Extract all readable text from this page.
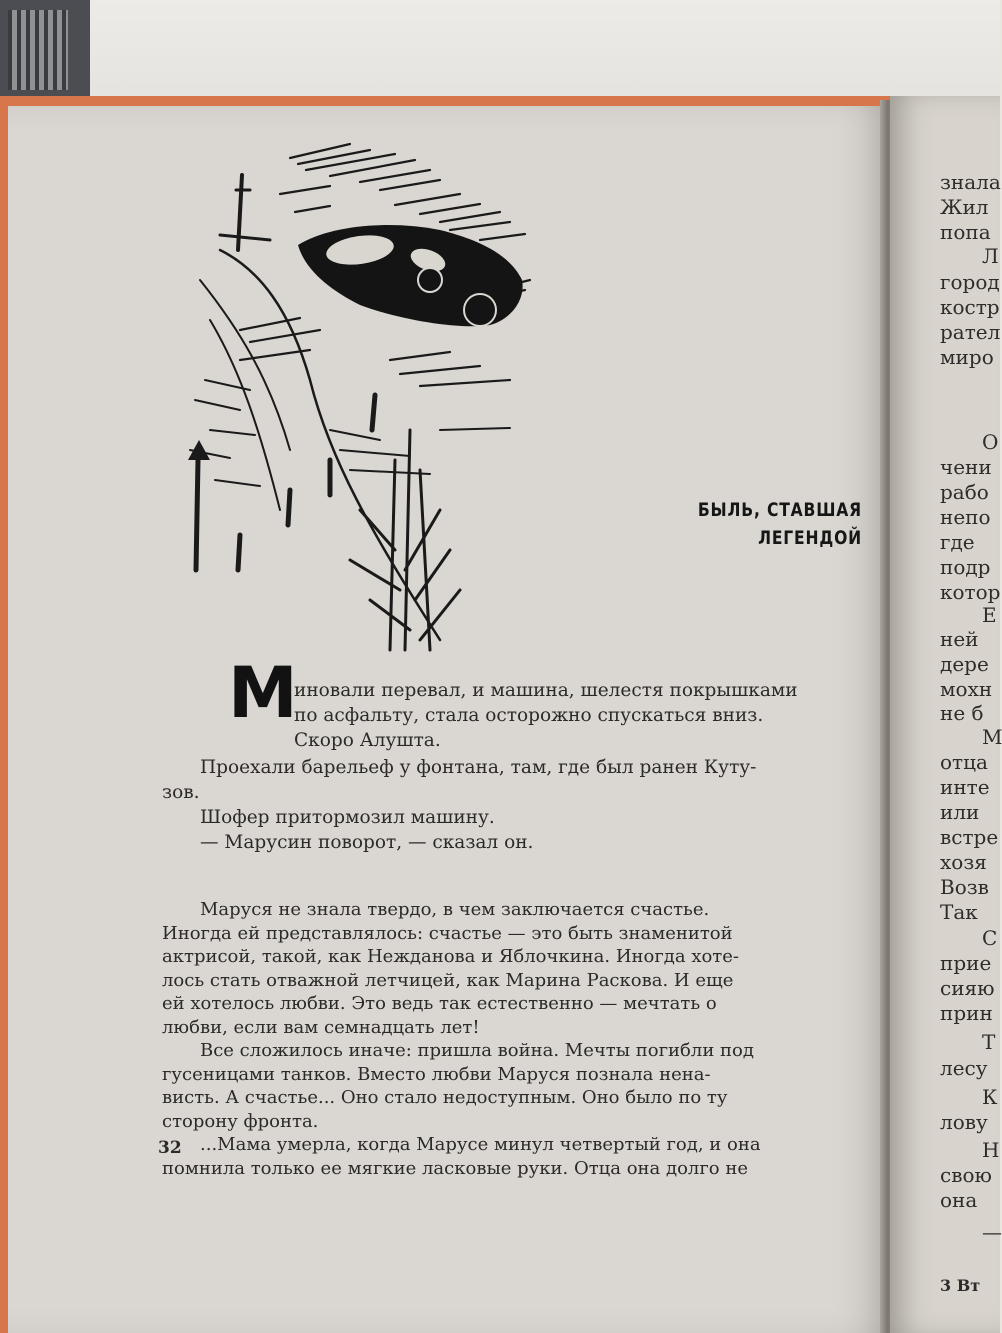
БЫЛЬ, СТАВШАЯ
ЛЕГЕНДОЙ
М
иновали перевал, и машина, шелестя покрышками
по асфальту, стала осторожно спускаться вниз.
Скоро Алушта.
Проехали барельеф у фонтана, там, где был ранен Куту-
зов.
Шофер притормозил машину.
— Марусин поворот, — сказал он.
Маруся не знала твердо, в чем заключается счастье.
Иногда ей представлялось: счастье — это быть знаменитой
актрисой, такой, как Нежданова и Яблочкина. Иногда хоте-
лось стать отважной летчицей, как Марина Раскова. И еще
ей хотелось любви. Это ведь так естественно — мечтать о
любви, если вам семнадцать лет!
Все сложилось иначе: пришла война. Мечты погибли под
гусеницами танков. Вместо любви Маруся познала нена-
висть. А счастье... Оно стало недоступным. Оно было по ту
сторону фронта.
...Мама умерла, когда Марусе минул четвертый год, и она
помнила только ее мягкие ласковые руки. Отца она долго не
32
знала
Жил
попа
Л
город
костр
рател
миро
О
чени
рабо
непо
где
подр
котор
Е
ней
дере
мохн
не б
М
отца
инте
или
встре
хозя
Возв
Так
С
прие
сияю
прин
Т
лесу
К
лову
Н
свою
она
—
3 Вт
